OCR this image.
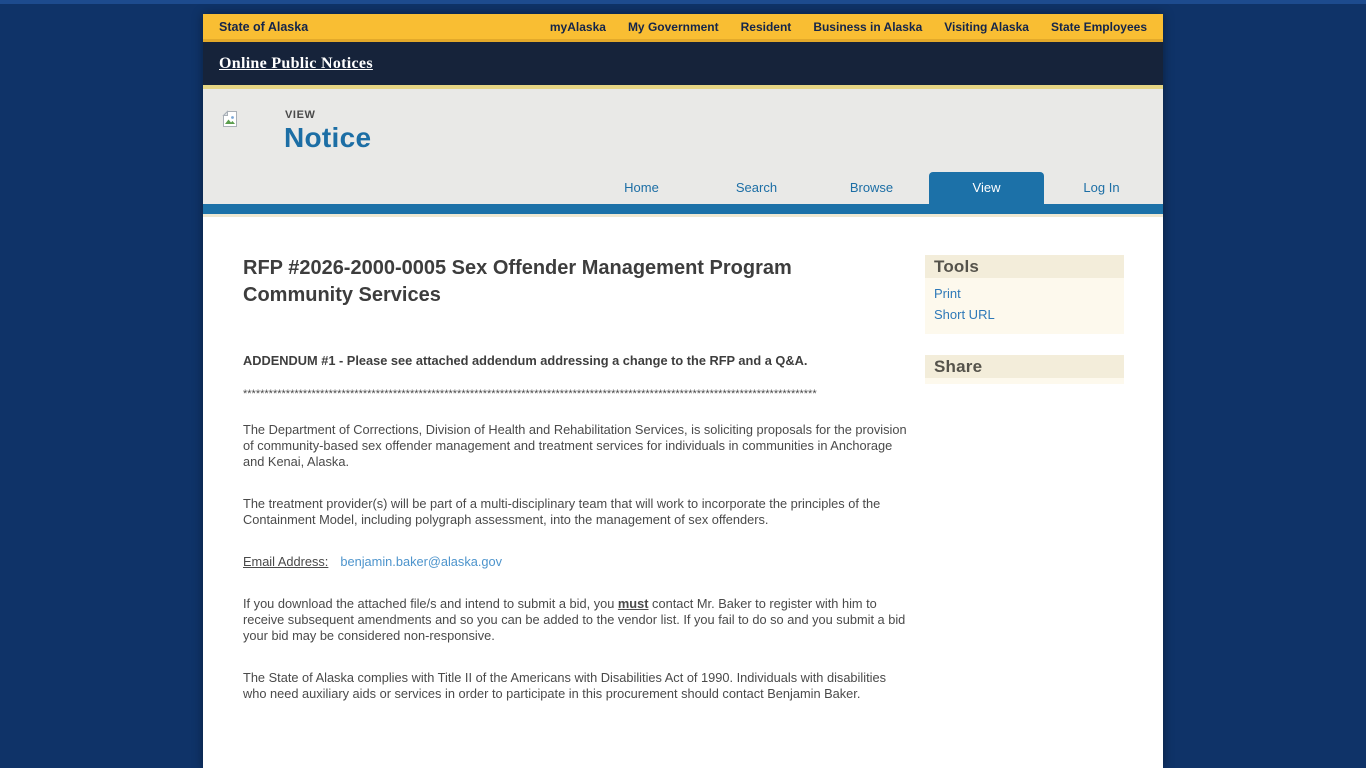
State of Alaska	myAlaska My Government Resident Business in Alaska Visiting Alaska State Employees
Online Public Notices
VIEW
Notice
Home	Search	Browse	View	Log In
RFP #2026-2000-0005 Sex Offender Management Program Community Services
ADDENDUM #1 - Please see attached addendum addressing a change to the RFP and a Q&A.
**************************************************************************************************************************************
The Department of Corrections, Division of Health and Rehabilitation Services, is soliciting proposals for the provision of community-based sex offender management and treatment services for individuals in communities in Anchorage and Kenai, Alaska.
The treatment provider(s) will be part of a multi-disciplinary team that will work to incorporate the principles of the Containment Model, including polygraph assessment, into the management of sex offenders.
Email Address: benjamin.baker@alaska.gov
If you download the attached file/s and intend to submit a bid, you must contact Mr. Baker to register with him to receive subsequent amendments and so you can be added to the vendor list. If you fail to do so and you submit a bid your bid may be considered non-responsive.
The State of Alaska complies with Title II of the Americans with Disabilities Act of 1990. Individuals with disabilities who need auxiliary aids or services in order to participate in this procurement should contact Benjamin Baker.
Tools
Print
Short URL
Share
